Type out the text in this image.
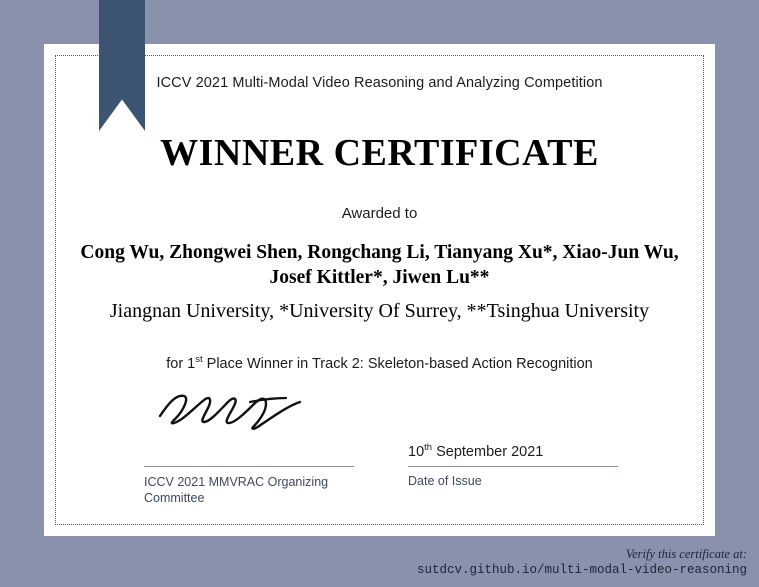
ICCV 2021 Multi-Modal Video Reasoning and Analyzing Competition
WINNER CERTIFICATE
Awarded to
Cong Wu, Zhongwei Shen, Rongchang Li, Tianyang Xu*, Xiao-Jun Wu, Josef Kittler*, Jiwen Lu**
Jiangnan University, *University Of Surrey, **Tsinghua University
for 1st Place Winner in Track 2: Skeleton-based Action Recognition
ICCV 2021 MMVRAC Organizing Committee
10th September 2021
Date of Issue
Verify this certificate at:
sutdcv.github.io/multi-modal-video-reasoning
